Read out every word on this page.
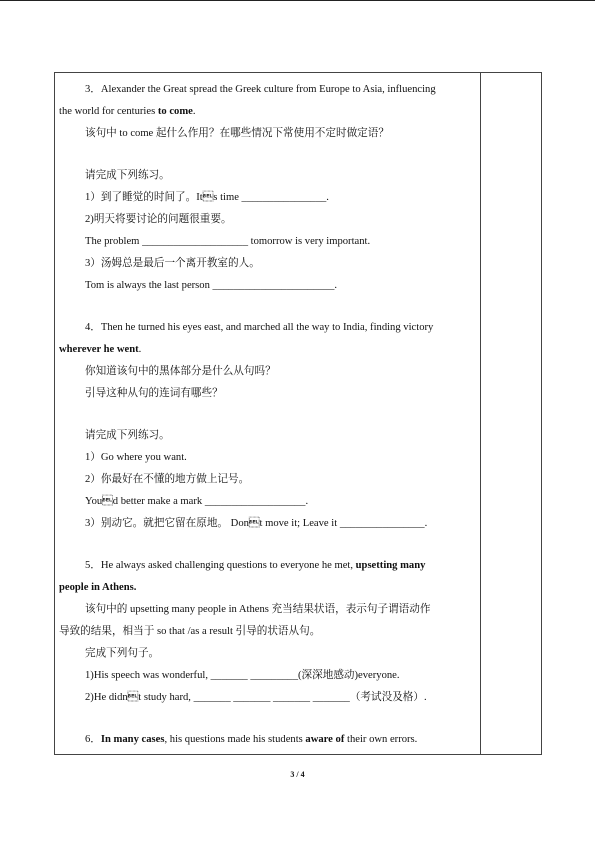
3．Alexander the Great spread the Greek culture from Europe to Asia, influencing

the world for centuries to come.

该句中 to come 起什么作用？在哪些情况下常使用不定时做定语？

请完成下列练习。

1）到了睡觉的时间了。Its time ________________.

2)明天将要讨论的问题很重要。

The problem ____________________ tomorrow is very important.

3）汤姆总是最后一个离开教室的人。

Tom is always the last person _______________________.

4．Then he turned his eyes east, and marched all the way to India, finding victory

wherever he went.

你知道该句中的黑体部分是什么从句吗？

引导这种从句的连词有哪些？

请完成下列练习。

1）Go where you want.

2）你最好在不懂的地方做上记号。

Youd better make a mark ___________________.

3）别动它。就把它留在原地。 Dont move it; Leave it ________________.

5．He always asked challenging questions to everyone he met, upsetting many

people in Athens.

该句中的 upsetting many people in Athens 充当结果状语，表示句子谓语动作

导致的结果，相当于 so that /as a result 引导的状语从句。

完成下列句子。

1)His speech was wonderful, _______ _________(深深地感动)everyone.

2)He didnt study hard, _______ _______ _______ _______（考试没及格）.

6．In many cases, his questions made his students aware of their own errors.

3 / 4
